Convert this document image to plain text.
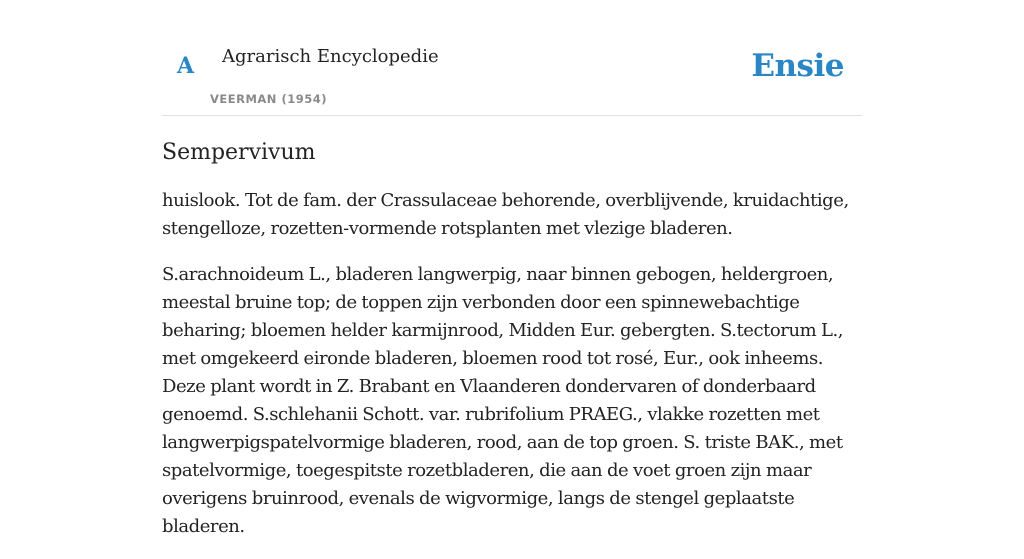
A Agrarisch Encyclopedie
VEERMAN (1954)
Ensie
Sempervivum

huislook. Tot de fam. der Crassulaceae behorende, overblijvende, kruidachtige, stengelloze, rozetten-vormende rotsplanten met vlezige bladeren.

S.arachnoideum L., bladeren langwerpig, naar binnen gebogen, heldergroen, meestal bruine top; de toppen zijn verbonden door een spinnewebachtige beharing; bloemen helder karmijnrood, Midden Eur. gebergten. S.tectorum L., met omgekeerd eironde bladeren, bloemen rood tot rosé, Eur., ook inheems. Deze plant wordt in Z. Brabant en Vlaanderen dondervaren of donderbaard genoemd. S.schlehanii Schott. var. rubrifolium PRAEG., vlakke rozetten met langwerpigspatelvormige bladeren, rood, aan de top groen. S. triste BAK., met spatelvormige, toegespitste rozetbladeren, die aan de voet groen zijn maar overigens bruinrood, evenals de wigvormige, langs de stengel geplaatste bladeren.
